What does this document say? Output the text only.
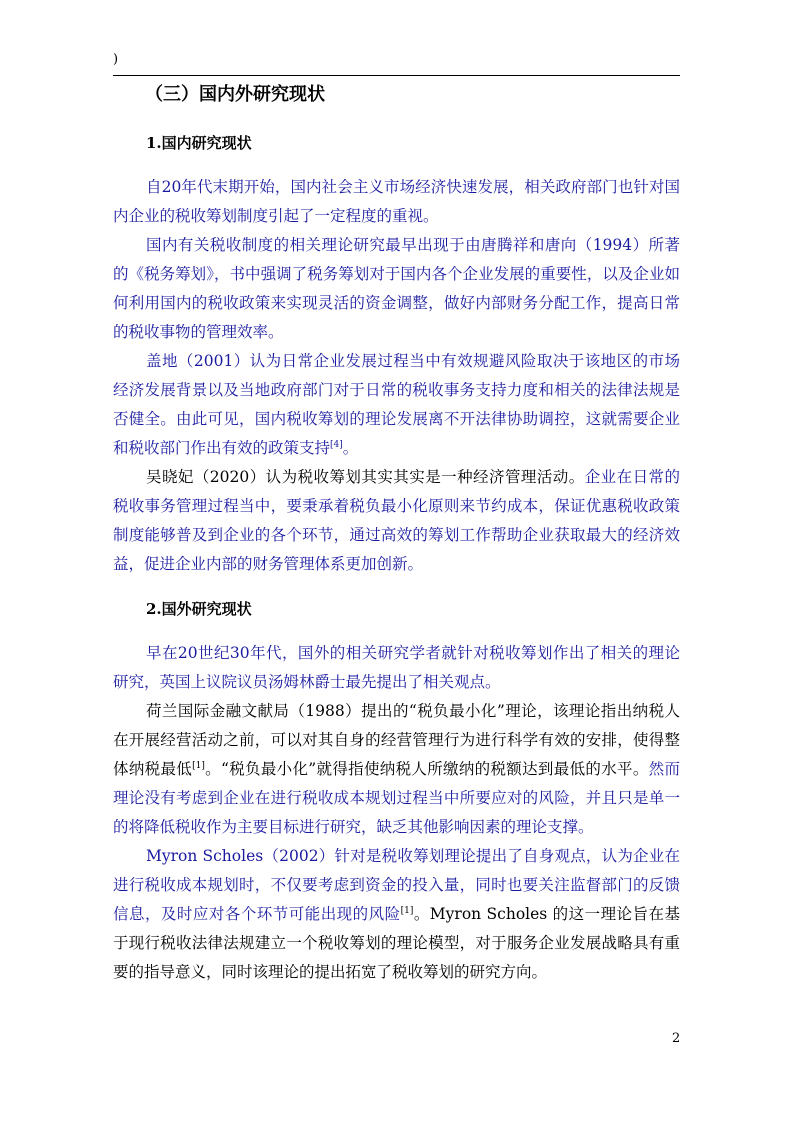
)
（三）国内外研究现状
1.国内研究现状

自20年代末期开始，国内社会主义市场经济快速发展，相关政府部门也针对国内企业的税收筹划制度引起了一定程度的重视。

国内有关税收制度的相关理论研究最早出现于由唐腾祥和唐向（1994）所著的《税务筹划》，书中强调了税务筹划对于国内各个企业发展的重要性，以及企业如何利用国内的税收政策来实现灵活的资金调整，做好内部财务分配工作，提高日常的税收事物的管理效率。

盖地（2001）认为日常企业发展过程当中有效规避风险取决于该地区的市场经济发展背景以及当地政府部门对于日常的税收事务支持力度和相关的法律法规是否健全。由此可见，国内税收筹划的理论发展离不开法律协助调控，这就需要企业和税收部门作出有效的政策支持[4]。

吴晓妃（2020）认为税收筹划其实其实是一种经济管理活动。企业在日常的税收事务管理过程当中，要秉承着税负最小化原则来节约成本，保证优惠税收政策制度能够普及到企业的各个环节，通过高效的筹划工作帮助企业获取最大的经济效益，促进企业内部的财务管理体系更加创新。

2.国外研究现状

早在20世纪30年代，国外的相关研究学者就针对税收筹划作出了相关的理论研究，英国上议院议员汤姆林爵士最先提出了相关观点。

荷兰国际金融文献局（1988）提出的“税负最小化”理论，该理论指出纳税人在开展经营活动之前，可以对其自身的经营管理行为进行科学有效的安排，使得整体纳税最低[1]。“税负最小化”就得指使纳税人所缴纳的税额达到最低的水平。然而理论没有考虑到企业在进行税收成本规划过程当中所要应对的风险，并且只是单一的将降低税收作为主要目标进行研究，缺乏其他影响因素的理论支撑。

Myron Scholes（2002）针对是税收筹划理论提出了自身观点，认为企业在进行税收成本规划时，不仅要考虑到资金的投入量，同时也要关注监督部门的反馈信息，及时应对各个环节可能出现的风险[1]。Myron Scholes 的这一理论旨在基于现行税收法律法规建立一个税收筹划的理论模型，对于服务企业发展战略具有重要的指导意义，同时该理论的提出拓宽了税收筹划的研究方向。

2
